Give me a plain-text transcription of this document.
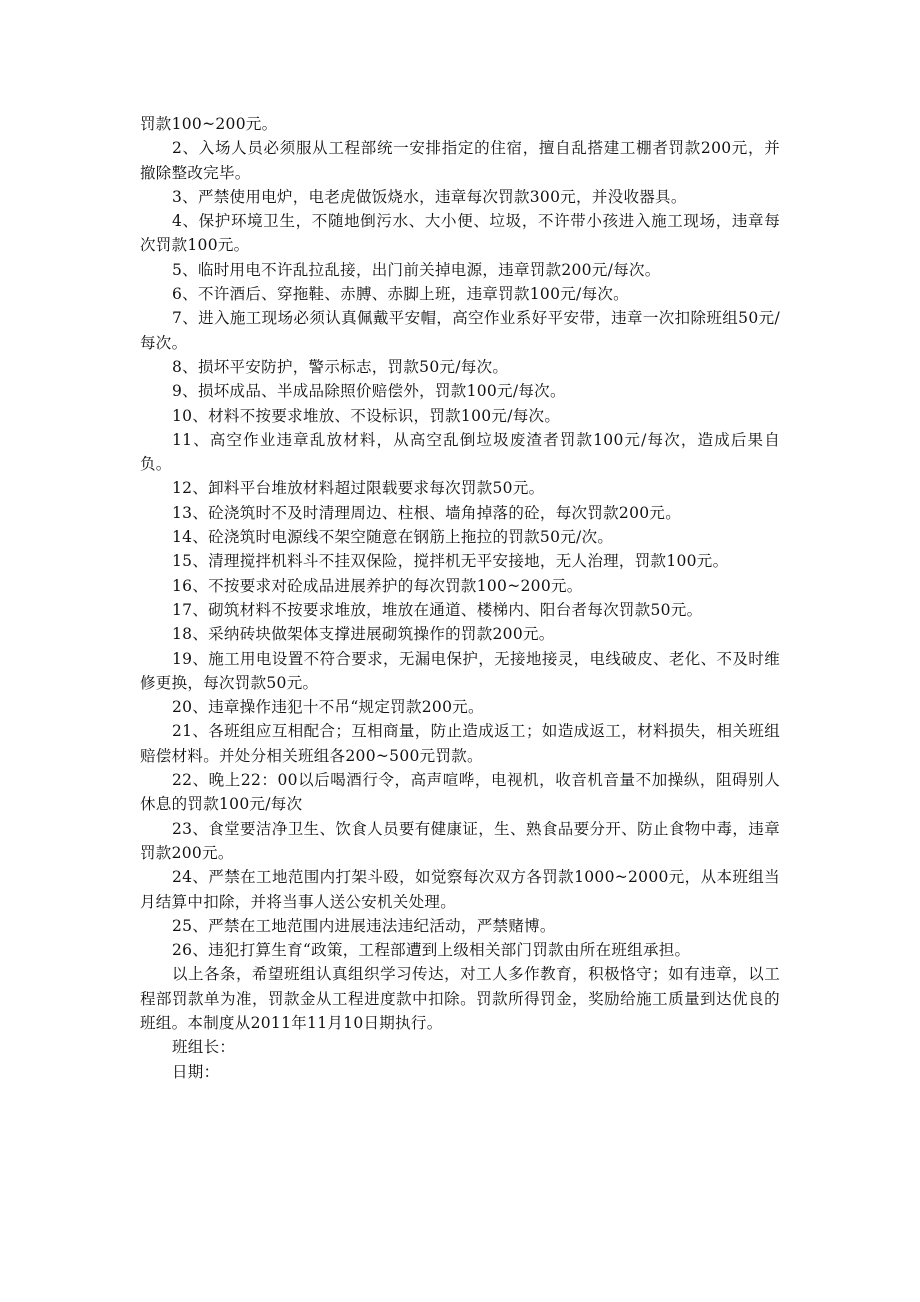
罚款100~200元。

2、入场人员必须服从工程部统一安排指定的住宿，擅自乱搭建工棚者罚款200元，并撤除整改完毕。

3、严禁使用电炉，电老虎做饭烧水，违章每次罚款300元，并没收器具。

4、保护环境卫生，不随地倒污水、大小便、垃圾，不许带小孩进入施工现场，违章每次罚款100元。

5、临时用电不许乱拉乱接，出门前关掉电源，违章罚款200元/每次。

6、不许酒后、穿拖鞋、赤膊、赤脚上班，违章罚款100元/每次。

7、进入施工现场必须认真佩戴平安帽，高空作业系好平安带，违章一次扣除班组50元/每次。

8、损坏平安防护，警示标志，罚款50元/每次。

9、损坏成品、半成品除照价赔偿外，罚款100元/每次。

10、材料不按要求堆放、不设标识，罚款100元/每次。

11、高空作业违章乱放材料，从高空乱倒垃圾废渣者罚款100元/每次，造成后果自负。

12、卸料平台堆放材料超过限载要求每次罚款50元。

13、砼浇筑时不及时清理周边、柱根、墙角掉落的砼，每次罚款200元。

14、砼浇筑时电源线不架空随意在钢筋上拖拉的罚款50元/次。

15、清理搅拌机料斗不挂双保险，搅拌机无平安接地，无人治理，罚款100元。

16、不按要求对砼成品进展养护的每次罚款100~200元。

17、砌筑材料不按要求堆放，堆放在通道、楼梯内、阳台者每次罚款50元。

18、采纳砖块做架体支撑进展砌筑操作的罚款200元。

19、施工用电设置不符合要求，无漏电保护，无接地接灵，电线破皮、老化、不及时维修更换，每次罚款50元。

20、违章操作违犯十不吊“规定罚款200元。

21、各班组应互相配合；互相商量，防止造成返工；如造成返工，材料损失，相关班组赔偿材料。并处分相关班组各200~500元罚款。

22、晚上22：00以后喝酒行令，高声喧哗，电视机，收音机音量不加操纵，阻碍别人休息的罚款100元/每次

23、食堂要洁净卫生、饮食人员要有健康证，生、熟食品要分开、防止食物中毒，违章罚款200元。

24、严禁在工地范围内打架斗殴，如觉察每次双方各罚款1000~2000元，从本班组当月结算中扣除，并将当事人送公安机关处理。

25、严禁在工地范围内进展违法违纪活动，严禁赌博。

26、违犯打算生育“政策，工程部遭到上级相关部门罚款由所在班组承担。

以上各条，希望班组认真组织学习传达，对工人多作教育，积极恪守；如有违章，以工程部罚款单为准，罚款金从工程进度款中扣除。罚款所得罚金，奖励给施工质量到达优良的班组。本制度从2011年11月10日期执行。

班组长：

日期：
